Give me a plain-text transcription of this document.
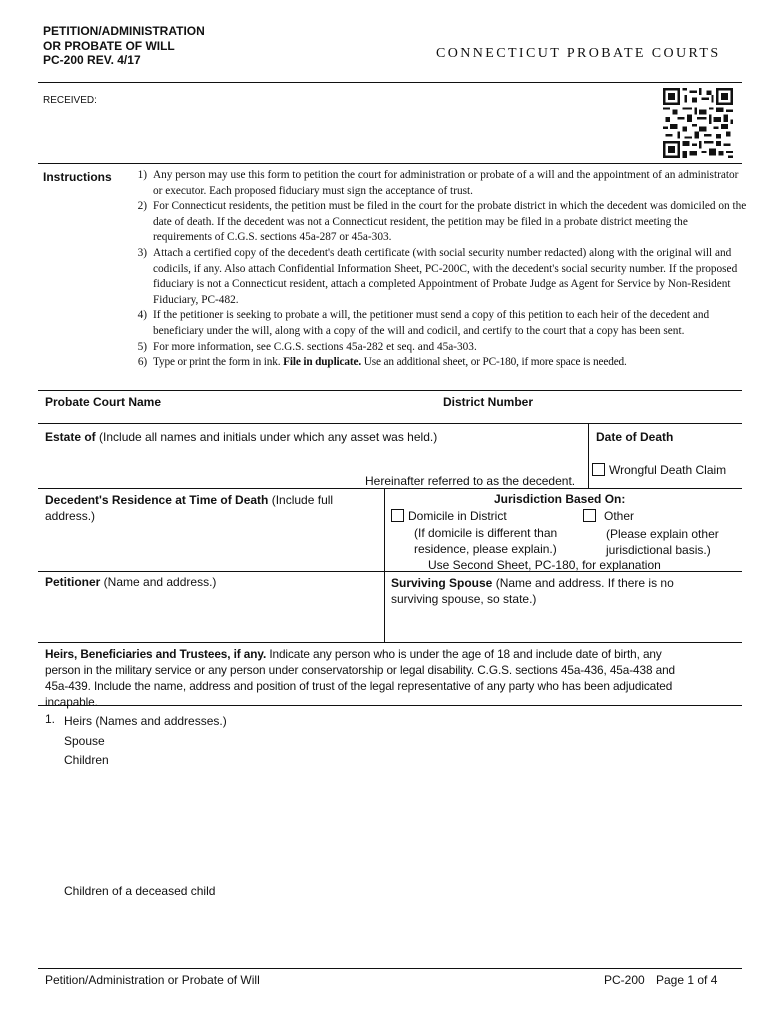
PETITION/ADMINISTRATION
OR PROBATE OF WILL
PC-200 REV. 4/17	CONNECTICUT PROBATE COURTS
RECEIVED:
Instructions	1) Any person may use this form to petition the court for administration or probate of a will and the appointment of an administrator or executor. Each proposed fiduciary must sign the acceptance of trust.
2) For Connecticut residents, the petition must be filed in the court for the probate district in which the decedent was domiciled on the date of death. If the decedent was not a Connecticut resident, the petition may be filed in a probate district meeting the requirements of C.G.S. sections 45a-287 or 45a-303.
3) Attach a certified copy of the decedent's death certificate (with social security number redacted) along with the original will and codicils, if any. Also attach Confidential Information Sheet, PC-200C, with the decedent's social security number. If the proposed fiduciary is not a Connecticut resident, attach a completed Appointment of Probate Judge as Agent for Service by Non-Resident Fiduciary, PC-482.
4) If the petitioner is seeking to probate a will, the petitioner must send a copy of this petition to each heir of the decedent and beneficiary under the will, along with a copy of the will and codicil, and certify to the court that a copy has been sent.
5) For more information, see C.G.S. sections 45a-282 et seq. and 45a-303.
6) Type or print the form in ink. File in duplicate. Use an additional sheet, or PC-180, if more space is needed.
Probate Court Name	District Number
Estate of (Include all names and initials under which any asset was held.)	Date of Death
Wrongful Death Claim
Hereinafter referred to as the decedent.
Decedent's Residence at Time of Death (Include full
address.)
Jurisdiction Based On:
Domicile in District
(If domicile is different than
residence, please explain.)
Other
(Please explain other
jurisdictional basis.)
Use Second Sheet, PC-180, for explanation
Petitioner (Name and address.)	Surviving Spouse (Name and address. If there is no
surviving spouse, so state.)
Heirs, Beneficiaries and Trustees, if any. Indicate any person who is under the age of 18 and include date of birth, any
person in the military service or any person under conservatorship or legal disability. C.G.S. sections 45a-436, 45a-438 and
45a-439. Include the name, address and position of trust of the legal representative of any party who has been adjudicated
incapable.
1. Heirs (Names and addresses.)
Spouse
Children
Children of a deceased child
Petition/Administration or Probate of Will	PC-200 Page 1 of 4
